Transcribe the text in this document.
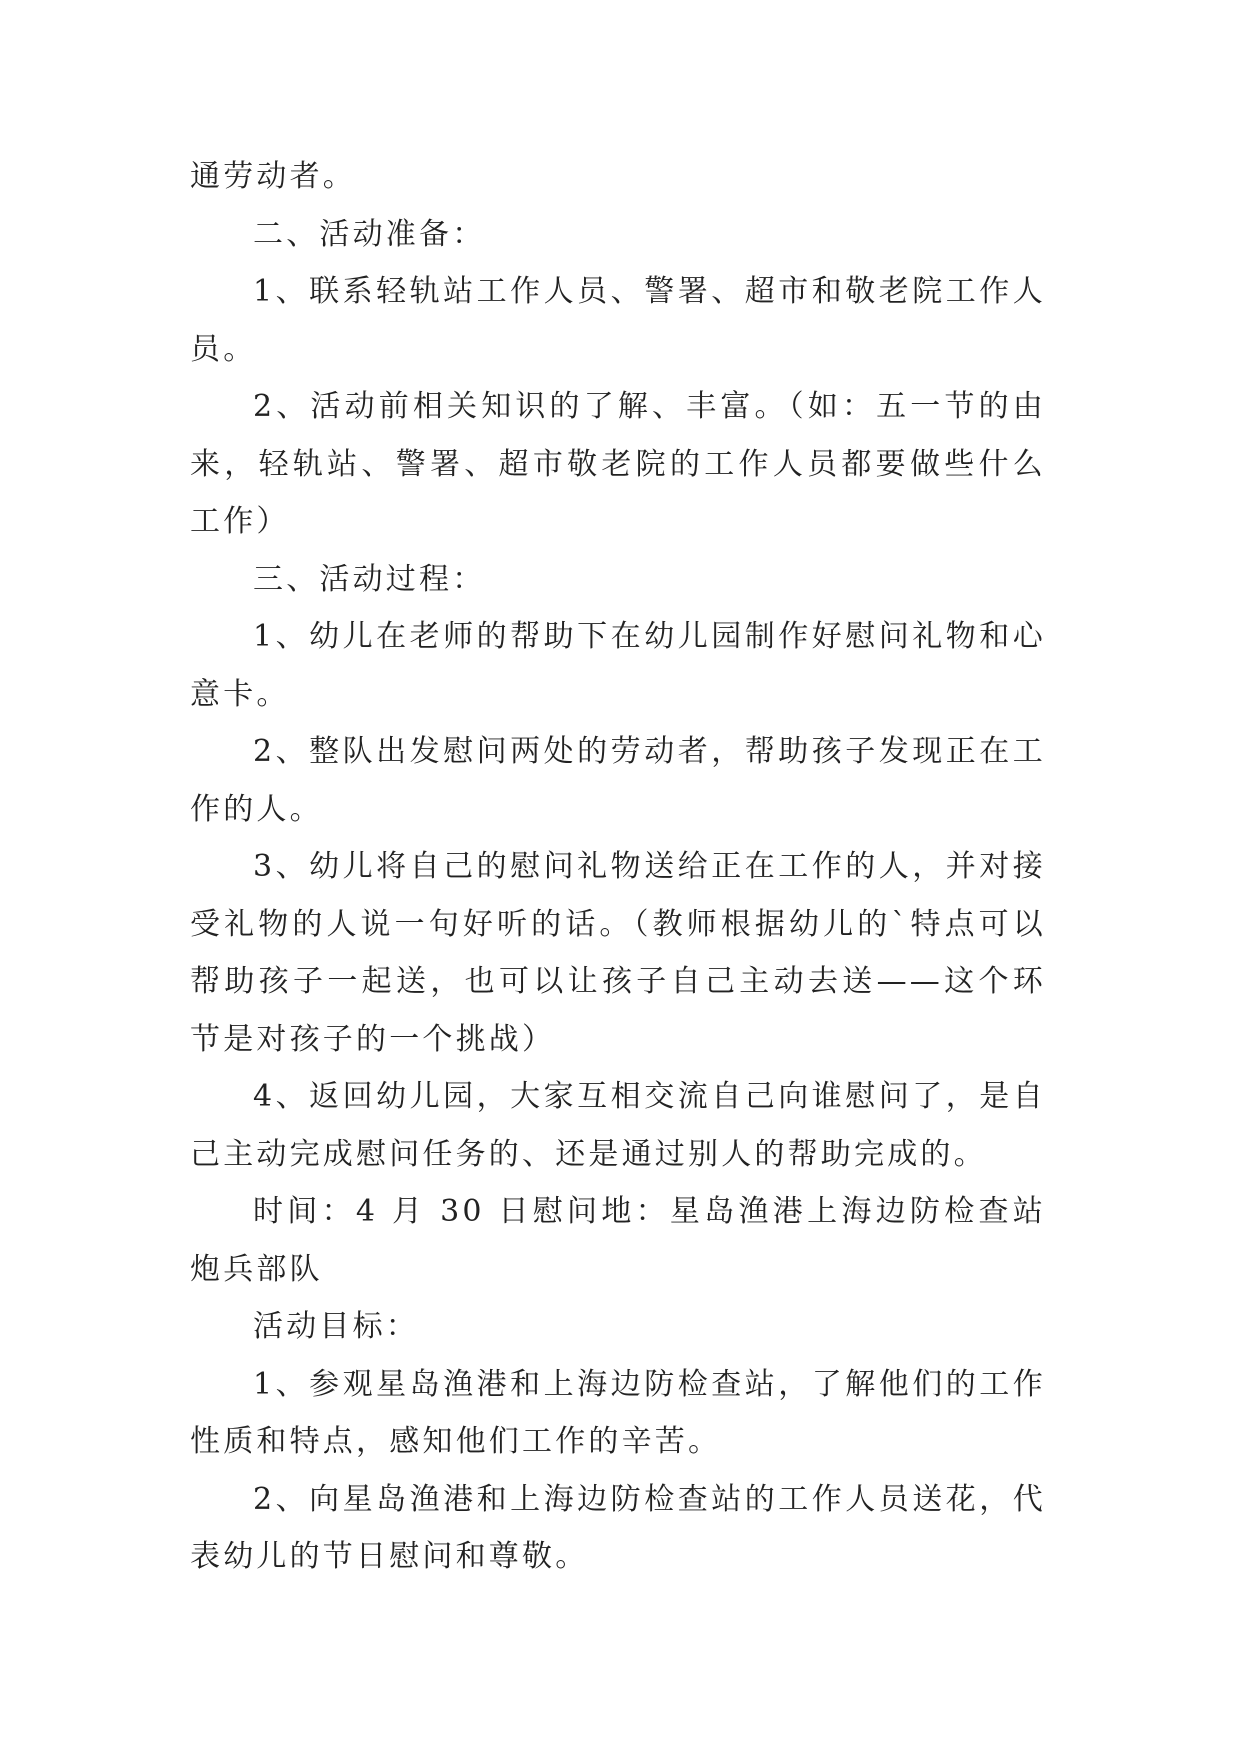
通劳动者。

二、活动准备：

1、联系轻轨站工作人员、警署、超市和敬老院工作人员。

2、活动前相关知识的了解、丰富。（如：五一节的由来，轻轨站、警署、超市敬老院的工作人员都要做些什么工作）

三、活动过程：

1、幼儿在老师的帮助下在幼儿园制作好慰问礼物和心意卡。

2、整队出发慰问两处的劳动者，帮助孩子发现正在工作的人。

3、幼儿将自己的慰问礼物送给正在工作的人，并对接受礼物的人说一句好听的话。（教师根据幼儿的`特点可以帮助孩子一起送，也可以让孩子自己主动去送——这个环节是对孩子的一个挑战）

4、返回幼儿园，大家互相交流自己向谁慰问了，是自己主动完成慰问任务的、还是通过别人的帮助完成的。

时间：4 月 30 日慰问地：星岛渔港上海边防检查站炮兵部队

活动目标：

1、参观星岛渔港和上海边防检查站，了解他们的工作性质和特点，感知他们工作的辛苦。

2、向星岛渔港和上海边防检查站的工作人员送花，代表幼儿的节日慰问和尊敬。
